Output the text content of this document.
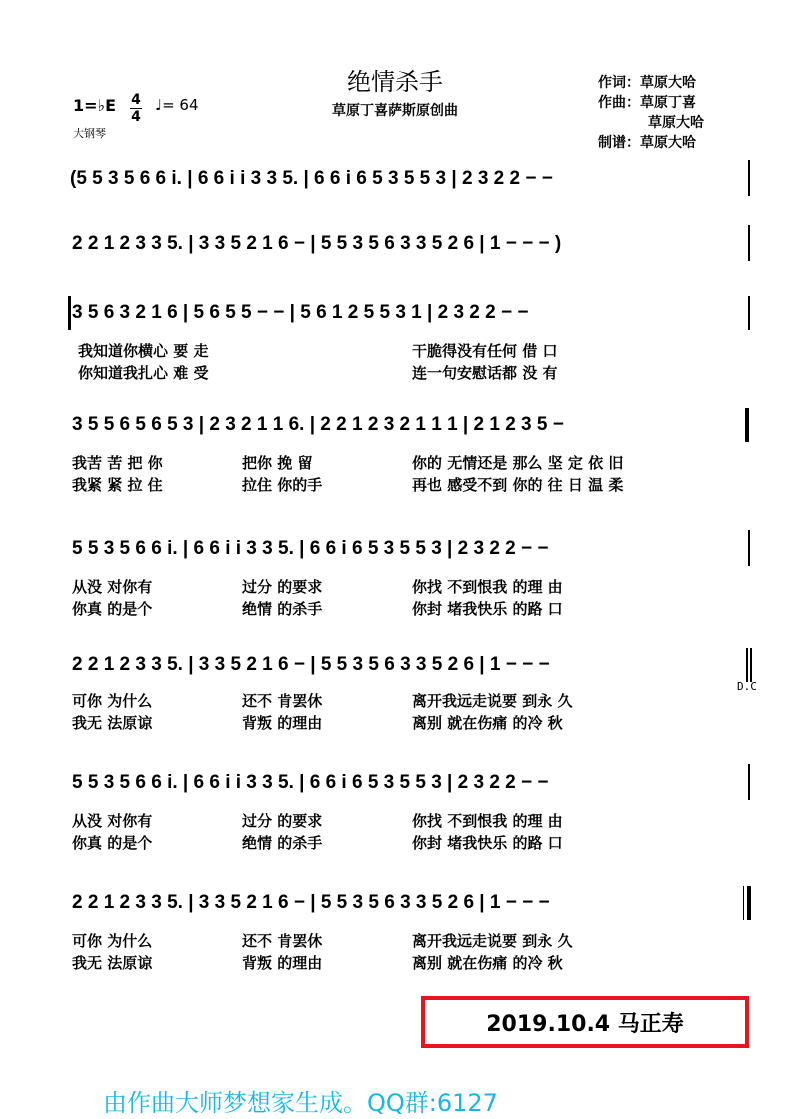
绝情杀手
草原丁喜萨斯原创曲
1=♭E 4
4
♩= 64
大钢琴
作词：草原大哈
作曲：草原丁喜
草原大哈
制谱：草原大哈
(5 5 3 5 6 6 i. | 6 6 i i 3 3 5. | 6 6 i 6 5 3 5 5 3 | 2 3 2 2 − −
2 2 1 2 3 3 5. | 3 3 5 2 1 6 − | 5 5 3 5 6 3 3 5 2 6 | 1 − − − )
3 5 6 3 2 1 6 | 5 6 5 5 − − | 5 6 1 2 5 5 3 1 | 2 3 2 2 − −
我知道你横心 要 走	干脆得没有任何 借 口
你知道我扎心 难 受	连一句安慰话都 没 有
3 5 5 6 5 6 5 3 | 2 3 2 1 1 6. | 2 2 1 2 3 2 1 1 1 | 2 1 2 3 5 −
我苦 苦 把 你	把你 挽 留	你的 无情还是 那么 坚 定 依 旧
我紧 紧 拉 住	拉住 你的手	再也 感受不到 你的 往 日 温 柔
5 5 3 5 6 6 i. | 6 6 i i 3 3 5. | 6 6 i 6 5 3 5 5 3 | 2 3 2 2 − −
从没 对你有	过分 的要求	你找 不到恨我 的理 由
你真 的是个	绝情 的杀手	你封 堵我快乐 的路 口
2 2 1 2 3 3 5. | 3 3 5 2 1 6 − | 5 5 3 5 6 3 3 5 2 6 | 1 − − −
D.C
可你 为什么	还不 肯罢休	离开我远走说要 到永 久
我无 法原谅	背叛 的理由	离别 就在伤痛 的冷 秋
5 5 3 5 6 6 i. | 6 6 i i 3 3 5. | 6 6 i 6 5 3 5 5 3 | 2 3 2 2 − −
从没 对你有	过分 的要求	你找 不到恨我 的理 由
你真 的是个	绝情 的杀手	你封 堵我快乐 的路 口
2 2 1 2 3 3 5. | 3 3 5 2 1 6 − | 5 5 3 5 6 3 3 5 2 6 | 1 − − −
可你 为什么	还不 肯罢休	离开我远走说要 到永 久
我无 法原谅	背叛 的理由	离别 就在伤痛 的冷 秋
2019.10.4 马正寿
由作曲大师梦想家生成。QQ群:6127
